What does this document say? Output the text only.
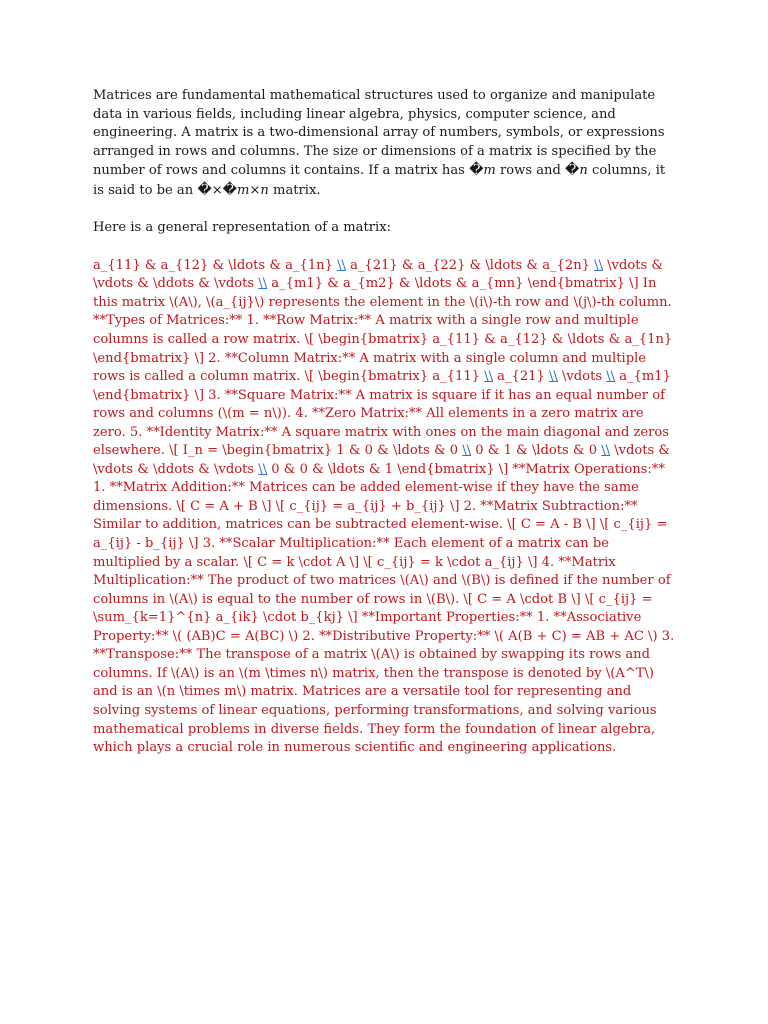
Matrices are fundamental mathematical structures used to organize and manipulate data in various fields, including linear algebra, physics, computer science, and engineering. A matrix is a two-dimensional array of numbers, symbols, or expressions arranged in rows and columns. The size or dimensions of a matrix is specified by the number of rows and columns it contains. If a matrix has �m rows and �n columns, it is said to be an �×�m×n matrix.

Here is a general representation of a matrix:

a_{11} & a_{12} & \ldots & a_{1n} \\ a_{21} & a_{22} & \ldots & a_{2n} \\ \vdots & \vdots & \ddots & \vdots \\ a_{m1} & a_{m2} & \ldots & a_{mn} \end{bmatrix} \] In this matrix \(A\), \(a_{ij}\) represents the element in the \(i\)-th row and \(j\)-th column. **Types of Matrices:** 1. **Row Matrix:** A matrix with a single row and multiple columns is called a row matrix. \[ \begin{bmatrix} a_{11} & a_{12} & \ldots & a_{1n} \end{bmatrix} \] 2. **Column Matrix:** A matrix with a single column and multiple rows is called a column matrix. \[ \begin{bmatrix} a_{11} \\ a_{21} \\ \vdots \\ a_{m1} \end{bmatrix} \] 3. **Square Matrix:** A matrix is square if it has an equal number of rows and columns (\(m = n\)). 4. **Zero Matrix:** All elements in a zero matrix are zero. 5. **Identity Matrix:** A square matrix with ones on the main diagonal and zeros elsewhere. \[ I_n = \begin{bmatrix} 1 & 0 & \ldots & 0 \\ 0 & 1 & \ldots & 0 \\ \vdots & \vdots & \ddots & \vdots \\ 0 & 0 & \ldots & 1 \end{bmatrix} \] **Matrix Operations:** 1. **Matrix Addition:** Matrices can be added element-wise if they have the same dimensions. \[ C = A + B \] \[ c_{ij} = a_{ij} + b_{ij} \] 2. **Matrix Subtraction:** Similar to addition, matrices can be subtracted element-wise. \[ C = A - B \] \[ c_{ij} = a_{ij} - b_{ij} \] 3. **Scalar Multiplication:** Each element of a matrix can be multiplied by a scalar. \[ C = k \cdot A \] \[ c_{ij} = k \cdot a_{ij} \] 4. **Matrix Multiplication:** The product of two matrices \(A\) and \(B\) is defined if the number of columns in \(A\) is equal to the number of rows in \(B\). \[ C = A \cdot B \] \[ c_{ij} = \sum_{k=1}^{n} a_{ik} \cdot b_{kj} \] **Important Properties:** 1. **Associative Property:** \( (AB)C = A(BC) \) 2. **Distributive Property:** \( A(B + C) = AB + AC \) 3. **Transpose:** The transpose of a matrix \(A\) is obtained by swapping its rows and columns. If \(A\) is an \(m \times n\) matrix, then the transpose is denoted by \(A^T\) and is an \(n \times m\) matrix. Matrices are a versatile tool for representing and solving systems of linear equations, performing transformations, and solving various mathematical problems in diverse fields. They form the foundation of linear algebra, which plays a crucial role in numerous scientific and engineering applications.
